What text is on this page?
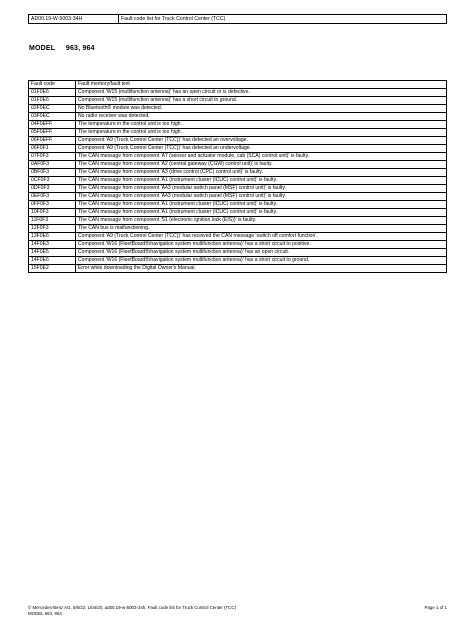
AD00.19-W-5003-34H	Fault code list for Truck Control Center (TCC)
MODEL     963, 964
Fault code	Fault memory/fault text
01F0E6	Component 'W15 (multifunction antenna)' has an open circuit or is defective.
01F0E6	Component 'W15 (multifunction antenna)' has a short circuit to ground.
02F0EC	No Bluetooth® module was detected.
03F0EC	No radio receiver was detected.
04F0EFF	The temperature in the control unit is too high.
05F0EFF	The temperature in the control unit is too high.
06F0EFF	Component 'A9 (Truck Control Center (TCC))' has detected an overvoltage.
06F0F1	Component 'A9 (Truck Control Center (TCC))' has detected an undervoltage.
07F0F3	The CAN message from component 'A7 (sensor and actuator module, cab (SCA) control unit)' is faulty.
0AF0F3	The CAN message from component 'A2 (central gateway (CGW) control unit)' is faulty.
0BF0F3	The CAN message from component 'A3 (drive control (CPC) control unit)' is faulty.
0CF0F3	The CAN message from component 'A1 (instrument cluster (ICUC) control unit)' is faulty.
0DF0F3	The CAN message from component 'A43 (modular switch panel (MSF) control unit)' is faulty.
0EF0F3	The CAN message from component 'A43 (modular switch panel (MSF) control unit)' is faulty.
0FF0F3	The CAN message from component 'A1 (instrument cluster (ICUC) control unit)' is faulty.
10F0F3	The CAN message from component 'A1 (instrument cluster (ICUC) control unit)' is faulty.
11F0F3	The CAN message from component 'S1 (electronic ignition lock (EIS))' is faulty.
12F0F3	The CAN bus is malfunctioning.
13F0E6	Component 'A9 (Truck Control Center (TCC))' has received the CAN message 'switch off comfort function'.
14F0E3	Component 'W16 (FleetBoard®/navigation system multifunction antenna)' has a short circuit to positive.
14F0E5	Component 'W16 (FleetBoard®/navigation system multifunction antenna)' has an open circuit.
14F0E6	Component 'W16 (FleetBoard®/navigation system multifunction antenna)' has a short circuit to ground.
15F0E2	Error while downloading the Digital Owner's Manual.
© Mercedes-Benz AG, 5/6/22, L/04/20, ad00.19-w-5003-34h, Fault code list for Truck Control Center (TCC)
MODEL 963, 964
Page 1 of 1
